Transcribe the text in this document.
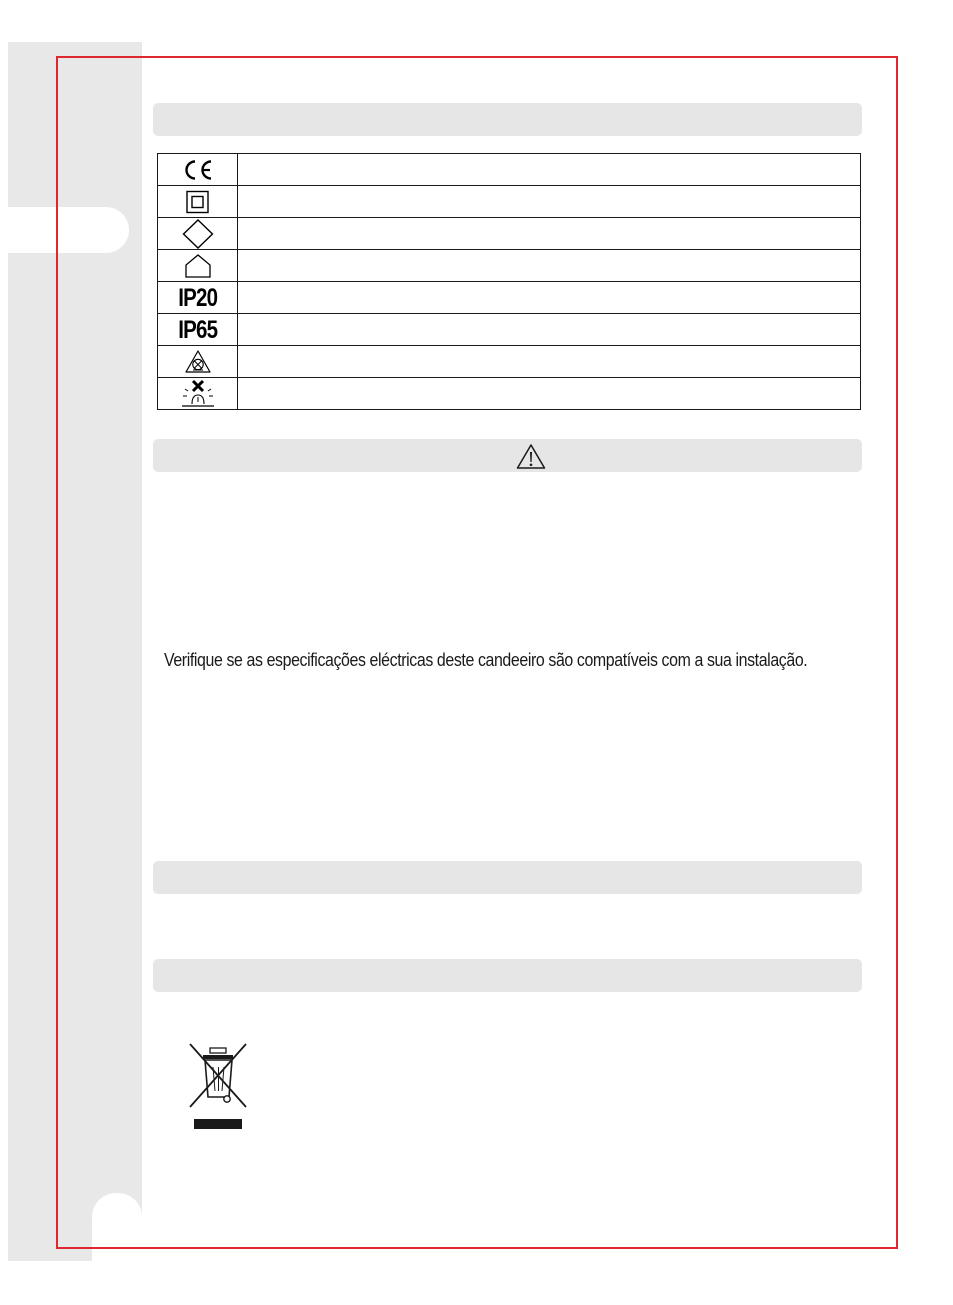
IP20	
IP65	

Verifique se as especificações eléctricas deste candeeiro são compatíveis com a sua instalação.
